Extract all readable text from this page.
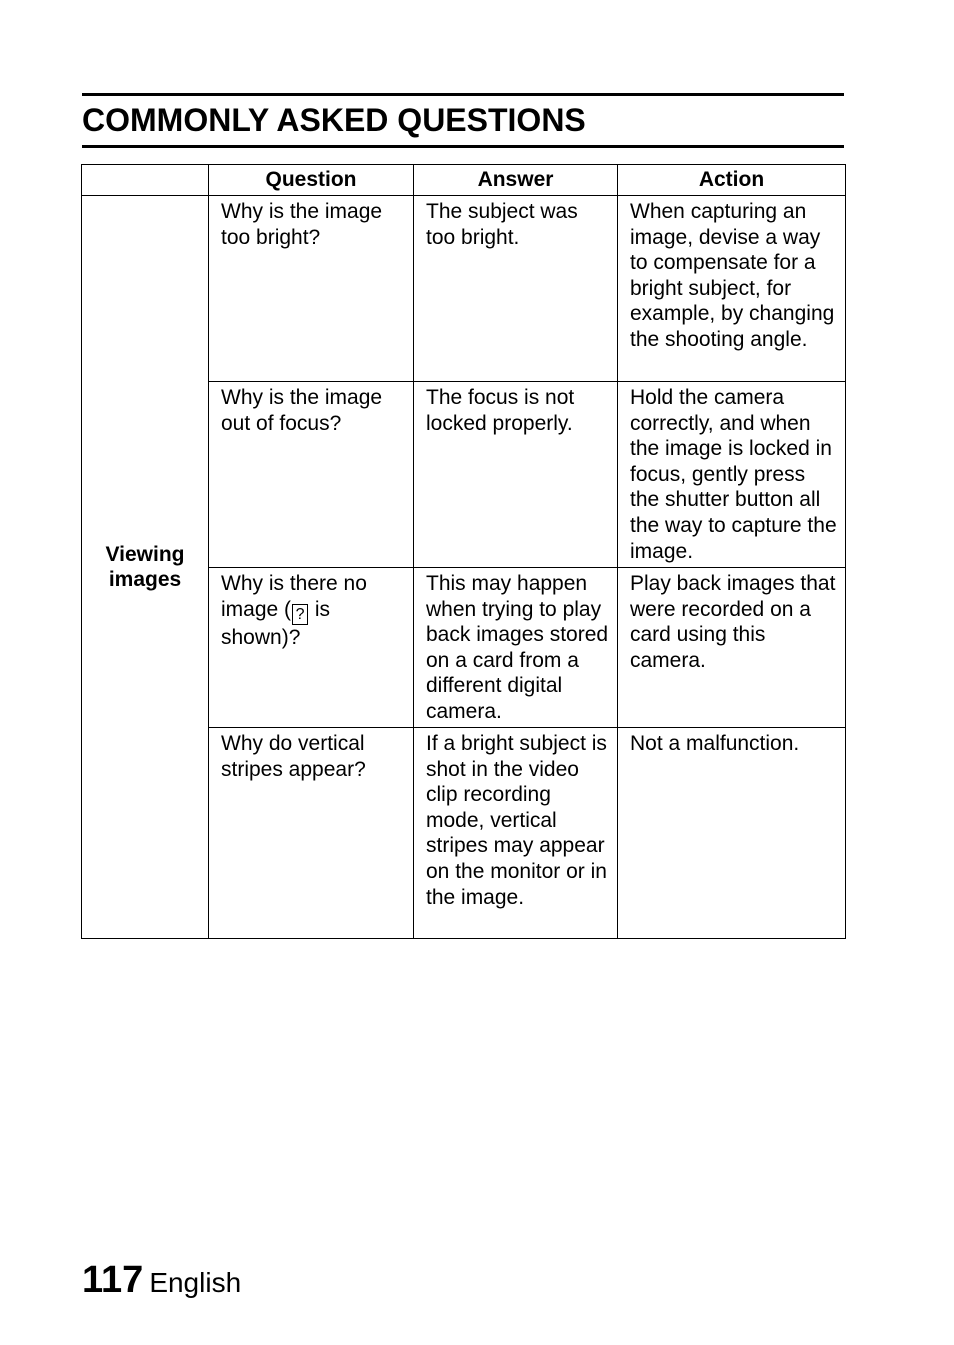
COMMONLY ASKED QUESTIONS
	Question	Answer	Action
Viewing images	Why is the image too bright?	The subject was too bright.	When capturing an image, devise a way to compensate for a bright subject, for example, by changing the shooting angle.
	Why is the image out of focus?	The focus is not locked properly.	Hold the camera correctly, and when the image is locked in focus, gently press the shutter button all the way to capture the image.
	Why is there no image ( ? is shown)?	This may happen when trying to play back images stored on a card from a different digital camera.	Play back images that were recorded on a card using this camera.
	Why do vertical stripes appear?	If a bright subject is shot in the video clip recording mode, vertical stripes may appear on the monitor or in the image.	Not a malfunction.
117 English
